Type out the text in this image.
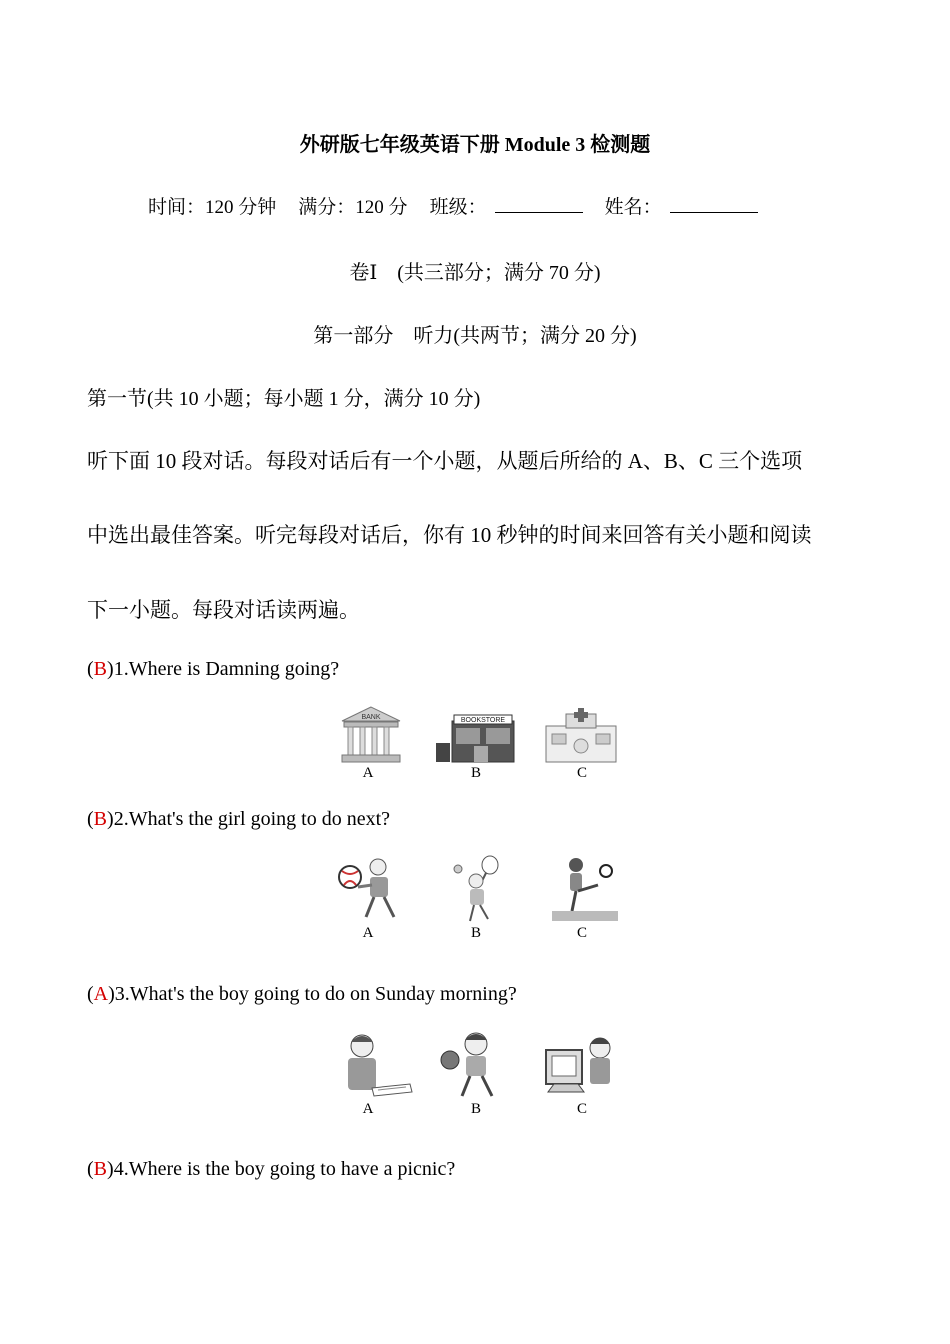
外研版七年级英语下册 Module 3 检测题
时间：120 分钟 满分：120 分 班级：	姓名：
卷Ⅰ　(共三部分；满分 70 分)
第一部分　听力(共两节；满分 20 分)
第一节(共 10 小题；每小题 1 分，满分 10 分)
听下面 10 段对话。每段对话后有一个小题，从题后所给的 A、B、C 三个选项
中选出最佳答案。听完每段对话后，你有 10 秒钟的时间来回答有关小题和阅读
下一小题。每段对话读两遍。
(B)1.Where is Damning going?
BANK
A
BOOKSTORE
B	C
(B)2.What's the girl going to do next?
A	B	C
(A)3.What's the boy going to do on Sunday morning?
A	B	C
(B)4.Where is the boy going to have a picnic?
